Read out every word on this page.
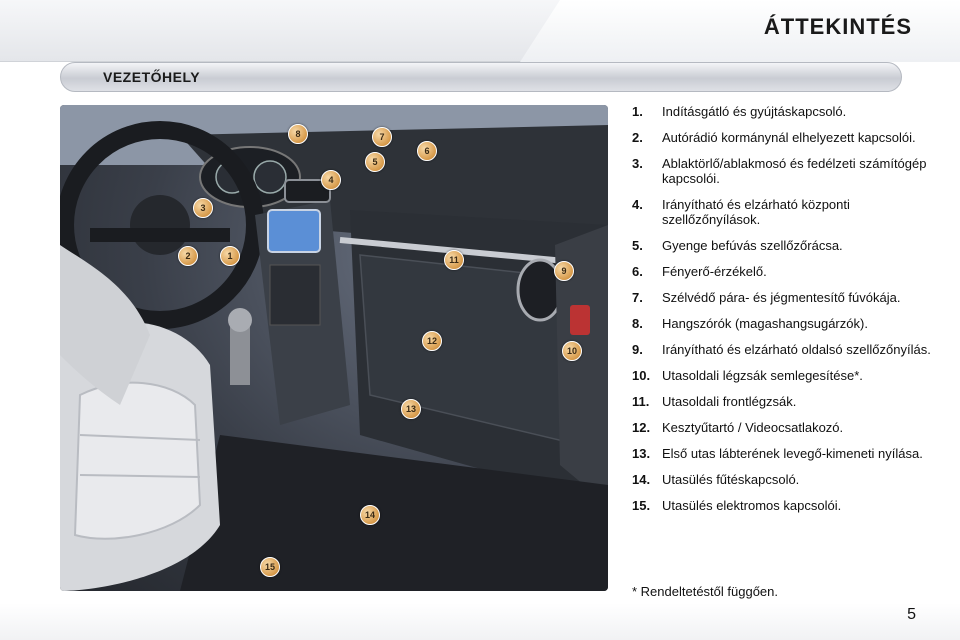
ÁTTEKINTÉS
VEZETŐHELY
1
2
3
4
5
6
7
8
9
10
11
12
13
14
15
1.	Indításgátló és gyújtáskapcsoló.
2.	Autórádió kormánynál elhelyezett kapcsolói.
3.	Ablaktörlő/ablakmosó és fedélzeti számítógép kapcsolói.
4.	Irányítható és elzárható központi szellőzőnyílások.
5.	Gyenge befúvás szellőzőrácsa.
6.	Fényerő-érzékelő.
7.	Szélvédő pára- és jégmentesítő fúvókája.
8.	Hangszórók (magashangsugárzók).
9.	Irányítható és elzárható oldalsó szellőzőnyílás.
10. Utasoldali légzsák semlegesítése*.
11. Utasoldali frontlégzsák.
12. Kesztyűtartó / Videocsatlakozó.
13. Első utas lábterének levegő-kimeneti nyílása.
14. Utasülés fűtéskapcsoló.
15. Utasülés elektromos kapcsolói.
* Rendeltetéstől függően.
5
